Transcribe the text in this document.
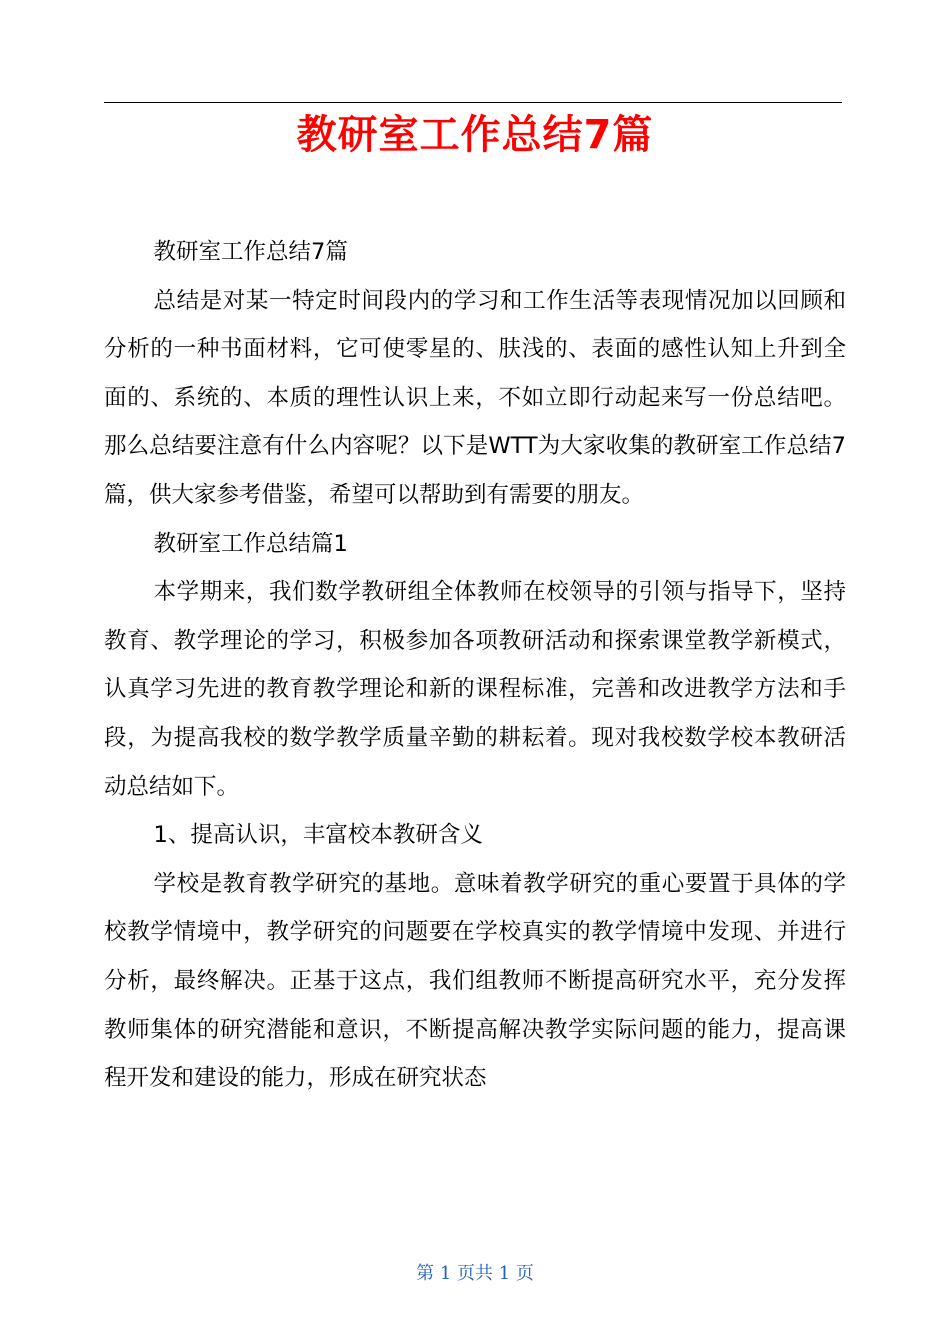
教研室工作总结7篇

教研室工作总结7篇

总结是对某一特定时间段内的学习和工作生活等表现情况加以回顾和分析的一种书面材料，它可使零星的、肤浅的、表面的感性认知上升到全面的、系统的、本质的理性认识上来，不如立即行动起来写一份总结吧。那么总结要注意有什么内容呢？以下是WTT为大家收集的教研室工作总结7篇，供大家参考借鉴，希望可以帮助到有需要的朋友。

教研室工作总结篇1

本学期来，我们数学教研组全体教师在校领导的引领与指导下，坚持教育、教学理论的学习，积极参加各项教研活动和探索课堂教学新模式，认真学习先进的教育教学理论和新的课程标准，完善和改进教学方法和手段，为提高我校的数学教学质量辛勤的耕耘着。现对我校数学校本教研活动总结如下。

1、提高认识，丰富校本教研含义

学校是教育教学研究的基地。意味着教学研究的重心要置于具体的学校教学情境中，教学研究的问题要在学校真实的教学情境中发现、并进行分析，最终解决。正基于这点，我们组教师不断提高研究水平，充分发挥教师集体的研究潜能和意识，不断提高解决教学实际问题的能力，提高课程开发和建设的能力，形成在研究状态

第 1 页共 1 页
